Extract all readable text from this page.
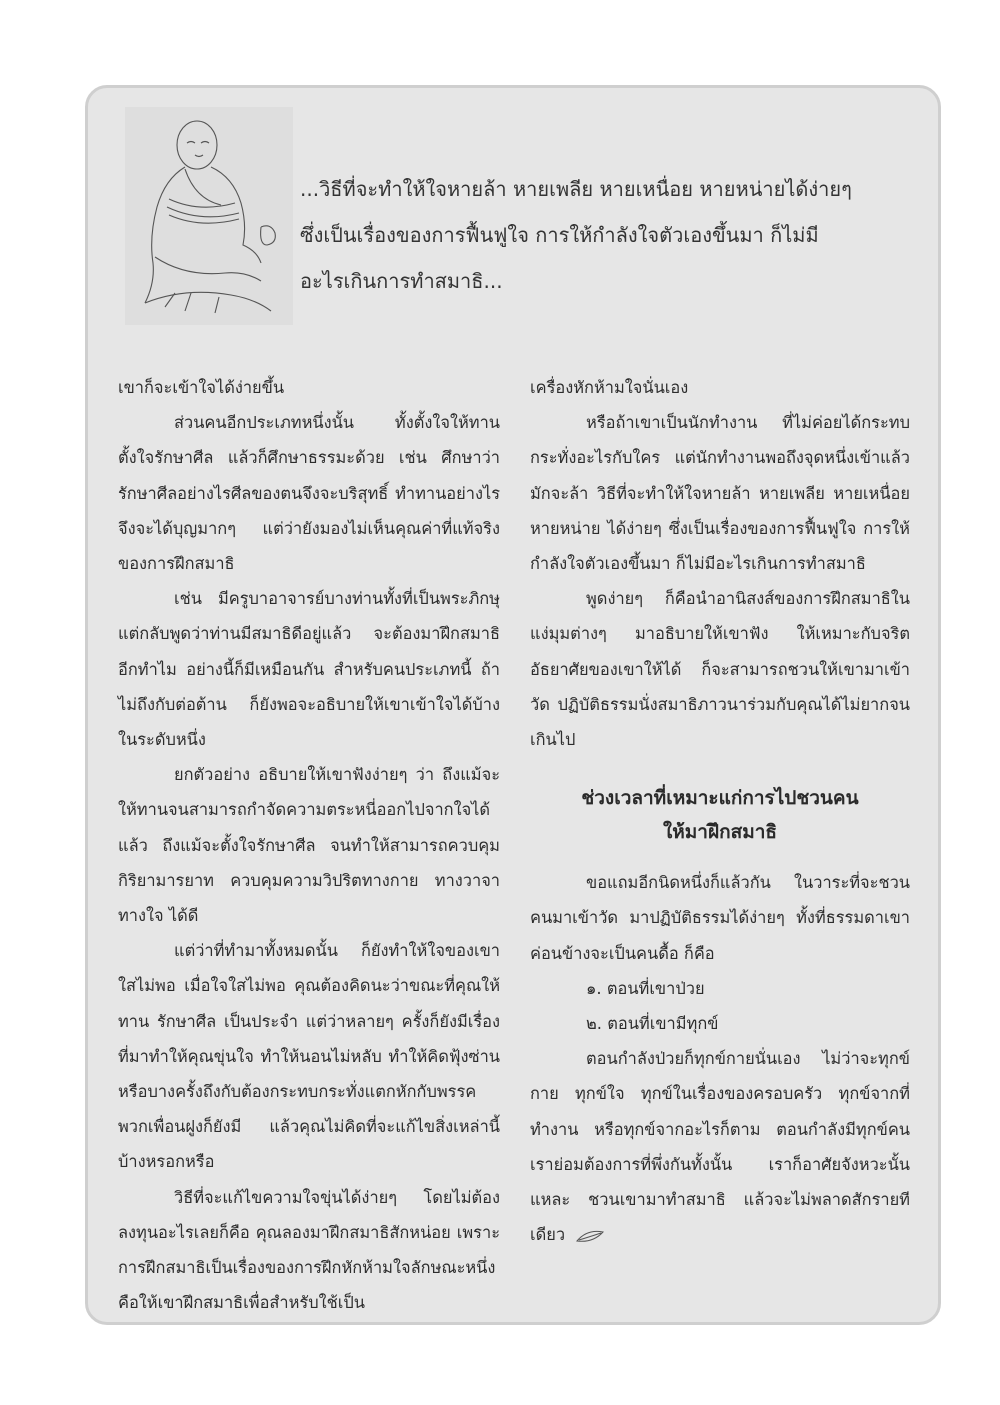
...วิธีที่จะทำให้ใจหายล้า หายเพลีย หายเหนื่อย หายหน่ายได้ง่ายๆ
ซึ่งเป็นเรื่องของการฟื้นฟูใจ การให้กำลังใจตัวเองขึ้นมา ก็ไม่มี
อะไรเกินการทำสมาธิ...

เขาก็จะเข้าใจได้ง่ายขึ้น

ส่วนคนอีกประเภทหนึ่งนั้น ทั้งตั้งใจให้ทาน ตั้งใจรักษาศีล แล้วก็ศึกษาธรรมะด้วย เช่น ศึกษาว่ารักษาศีลอย่างไรศีลของตนจึงจะบริสุทธิ์ ทำทานอย่างไรจึงจะได้บุญมากๆ แต่ว่ายังมองไม่เห็นคุณค่าที่แท้จริงของการฝึกสมาธิ

เช่น มีครูบาอาจารย์บางท่านทั้งที่เป็นพระภิกษุ แต่กลับพูดว่าท่านมีสมาธิดีอยู่แล้ว จะต้องมาฝึกสมาธิอีกทำไม อย่างนี้ก็มีเหมือนกัน สำหรับคนประเภทนี้ ถ้าไม่ถึงกับต่อต้าน ก็ยังพอจะอธิบายให้เขาเข้าใจได้บ้างในระดับหนึ่ง

ยกตัวอย่าง อธิบายให้เขาฟังง่ายๆ ว่า ถึงแม้จะให้ทานจนสามารถกำจัดความตระหนี่ออกไปจากใจได้แล้ว ถึงแม้จะตั้งใจรักษาศีล จนทำให้สามารถควบคุมกิริยามารยาท ควบคุมความวิปริตทางกาย ทางวาจา ทางใจ ได้ดี

แต่ว่าที่ทำมาทั้งหมดนั้น ก็ยังทำให้ใจของเขาใสไม่พอ เมื่อใจใสไม่พอ คุณต้องคิดนะว่าขณะที่คุณให้ทาน รักษาศีล เป็นประจำ แต่ว่าหลายๆ ครั้งก็ยังมีเรื่องที่มาทำให้คุณขุ่นใจ ทำให้นอนไม่หลับ ทำให้คิดฟุ้งซ่าน หรือบางครั้งถึงกับต้องกระทบกระทั่งแตกหักกับพรรคพวกเพื่อนฝูงก็ยังมี แล้วคุณไม่คิดที่จะแก้ไขสิ่งเหล่านี้บ้างหรอกหรือ

วิธีที่จะแก้ไขความใจขุ่นได้ง่ายๆ โดยไม่ต้องลงทุนอะไรเลยก็คือ คุณลองมาฝึกสมาธิสักหน่อย เพราะการฝึกสมาธิเป็นเรื่องของการฝึกหักห้ามใจลักษณะหนึ่ง คือให้เขาฝึกสมาธิเพื่อสำหรับใช้เป็น

เครื่องหักห้ามใจนั่นเอง

หรือถ้าเขาเป็นนักทำงาน ที่ไม่ค่อยได้กระทบกระทั่งอะไรกับใคร แต่นักทำงานพอถึงจุดหนึ่งเข้าแล้วมักจะล้า วิธีที่จะทำให้ใจหายล้า หายเพลีย หายเหนื่อย หายหน่าย ได้ง่ายๆ ซึ่งเป็นเรื่องของการฟื้นฟูใจ การให้กำลังใจตัวเองขึ้นมา ก็ไม่มีอะไรเกินการทำสมาธิ

พูดง่ายๆ ก็คือนำอานิสงส์ของการฝึกสมาธิในแง่มุมต่างๆ มาอธิบายให้เขาฟัง ให้เหมาะกับจริตอัธยาศัยของเขาให้ได้ ก็จะสามารถชวนให้เขามาเข้าวัด ปฏิบัติธรรมนั่งสมาธิภาวนาร่วมกับคุณได้ไม่ยากจนเกินไป

ช่วงเวลาที่เหมาะแก่การไปชวนคน
ให้มาฝึกสมาธิ

ขอแถมอีกนิดหนึ่งก็แล้วกัน ในวาระที่จะชวนคนมาเข้าวัด มาปฏิบัติธรรมได้ง่ายๆ ทั้งที่ธรรมดาเขาค่อนข้างจะเป็นคนดื้อ ก็คือ

๑. ตอนที่เขาป่วย

๒. ตอนที่เขามีทุกข์

ตอนกำลังป่วยก็ทุกข์กายนั่นเอง ไม่ว่าจะทุกข์กาย ทุกข์ใจ ทุกข์ในเรื่องของครอบครัว ทุกข์จากที่ทำงาน หรือทุกข์จากอะไรก็ตาม ตอนกำลังมีทุกข์คนเราย่อมต้องการที่พึ่งกันทั้งนั้น เราก็อาศัยจังหวะนั้นแหละ ชวนเขามาทำสมาธิ แล้วจะไม่พลาดสักรายทีเดียว
